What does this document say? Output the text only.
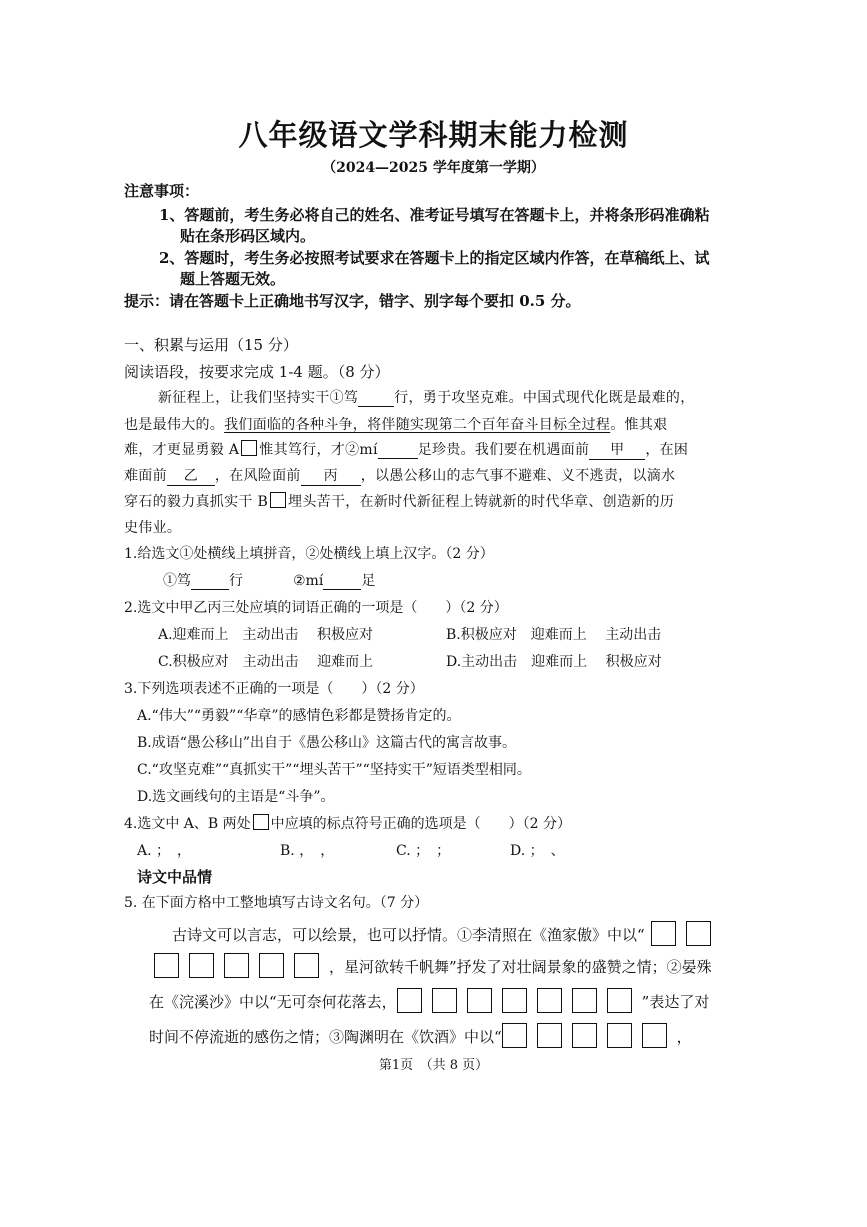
八年级语文学科期末能力检测
（2024—2025 学年度第一学期）
注意事项：
1、答题前，考生务必将自己的姓名、准考证号填写在答题卡上，并将条形码准确粘
贴在条形码区域内。
2、答题时，考生务必按照考试要求在答题卡上的指定区域内作答，在草稿纸上、试
题上答题无效。
提示：请在答题卡上正确地书写汉字，错字、别字每个要扣 0.5 分。
一、积累与运用（15 分）
阅读语段，按要求完成 1-4 题。（8 分）
新征程上，让我们坚持实干①笃	行，勇于攻坚克难。中国式现代化既是最难的，
也是最伟大的。我们面临的各种斗争，将伴随实现第二个百年奋斗目标全过程。惟其艰
难，才更显勇毅 A 惟其笃行，才②mí	足珍贵。我们要在机遇面前 甲 ，在困
难面前 乙 ，在风险面前 丙 ，以愚公移山的志气事不避难、义不逃责，以滴水
穿石的毅力真抓实干 B 埋头苦干，在新时代新征程上铸就新的时代华章、创造新的历
史伟业。
1.给选文①处横线上填拼音，②处横线上填上汉字。（2 分）
①笃	行	②mí	足
2.选文中甲乙丙三处应填的词语正确的一项是（　　）（2 分）
A.迎难而上　主动出击　 积极应对	B.积极应对　迎难而上　 主动出击
C.积极应对　主动出击　 迎难而上	D.主动出击　迎难而上　 积极应对
3.下列选项表述不正确的一项是（　　）（2 分）
A.“伟大”“勇毅”“华章”的感情色彩都是赞扬肯定的。
B.成语“愚公移山”出自于《愚公移山》这篇古代的寓言故事。
C.“攻坚克难”“真抓实干”“埋头苦干”“坚持实干”短语类型相同。
D.选文画线句的主语是“斗争”。
4.选文中 A、B 两处 中应填的标点符号正确的选项是（　　）（2 分）
A. ；　，	B. ，　，	C. ；　；	D. ；　、
诗文中品情
5. 在下面方格中工整地填写古诗文名句。（7 分）
古诗文可以言志，可以绘景，也可以抒情。①李清照在《渔家傲》中以“
，星河欲转千帆舞”抒发了对壮阔景象的盛赞之情；②晏殊
在《浣溪沙》中以“无可奈何花落去，	”表达了对
时间不停流逝的感伤之情；③陶渊明在《饮酒》中以“	，
第1页　（共 8 页）
